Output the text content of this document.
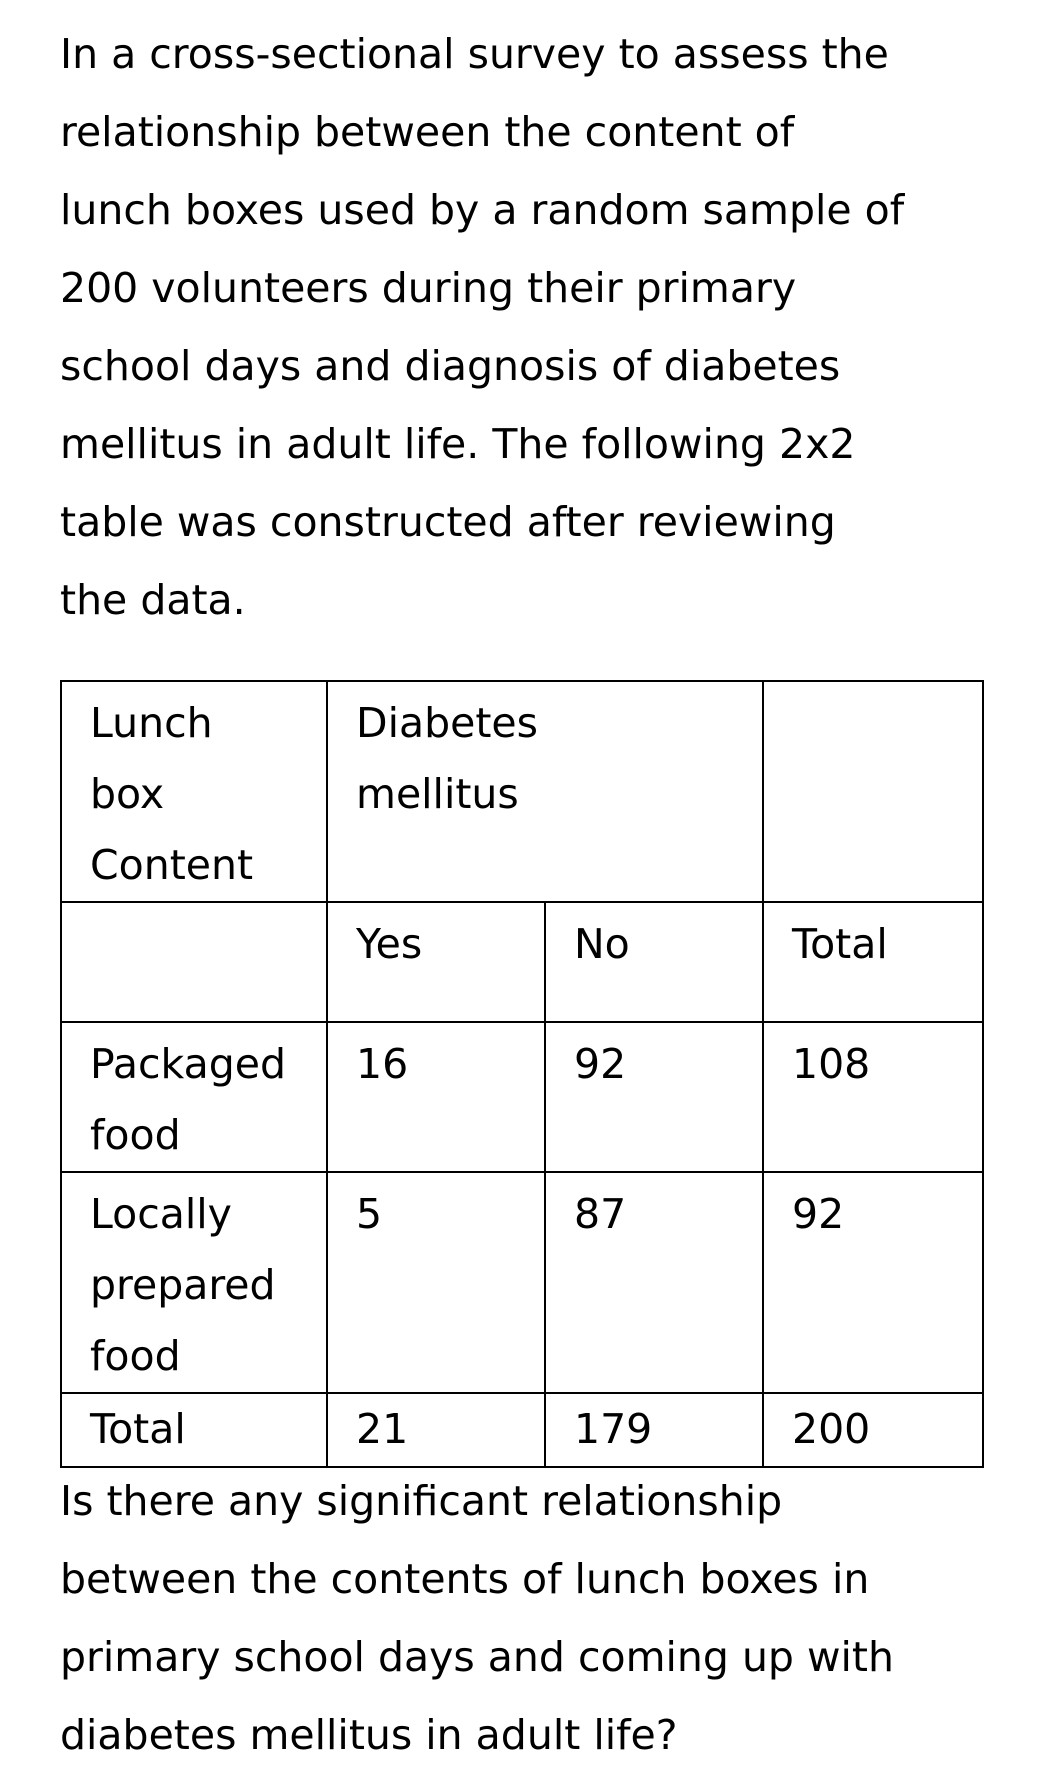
In a cross-sectional survey to assess the
relationship between the content of
lunch boxes used by a random sample of
200 volunteers during their primary
school days and diagnosis of diabetes
mellitus in adult life. The following 2x2
table was constructed after reviewing
the data.
Lunch
box
Content	Diabetes
mellitus		
	Yes	No	Total
Packaged
food	16	92	108
Locally
prepared
food	5	87	92
Total	21	179	200
Is there any significant relationship
between the contents of lunch boxes in
primary school days and coming up with
diabetes mellitus in adult life?
